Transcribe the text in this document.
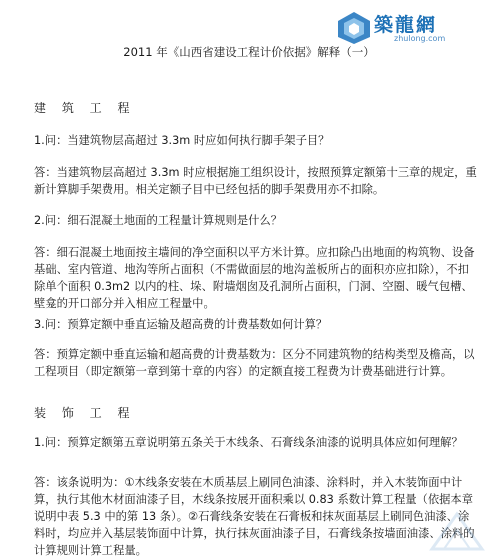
築龍網
zhulong.com
2011 年《山西省建设工程计价依据》解释（一）
建 筑 工 程
1.问：当建筑物层高超过 3.3m 时应如何执行脚手架子目？
答：当建筑物层高超过 3.3m 时应根据施工组织设计，按照预算定额第十三章的规定，重新计算脚手架费用。相关定额子目中已经包括的脚手架费用亦不扣除。
2.问：细石混凝土地面的工程量计算规则是什么？
答：细石混凝土地面按主墙间的净空面积以平方米计算。应扣除凸出地面的构筑物、设备基础、室内管道、地沟等所占面积（不需做面层的地沟盖板所占的面积亦应扣除），不扣除单个面积 0.3m2 以内的柱、垛、附墙烟囱及孔洞所占面积，门洞、空圈、暖气包槽、壁龛的开口部分并入相应工程量中。
3.问：预算定额中垂直运输及超高费的计费基数如何计算？
答：预算定额中垂直运输和超高费的计费基数为：区分不同建筑物的结构类型及檐高，以工程项目（即定额第一章到第十章的内容）的定额直接工程费为计费基础进行计算。
装 饰 工 程
1.问：预算定额第五章说明第五条关于木线条、石膏线条油漆的说明具体应如何理解？
答：该条说明为：①木线条安装在木质基层上刷同色油漆、涂料时，并入木装饰面中计算，执行其他木材面油漆子目，木线条按展开面积乘以 0.83 系数计算工程量（依据本章说明中表 5.3 中的第 13 条）。②石膏线条安装在石膏板和抹灰面基层上刷同色油漆、涂料时，均应并入基层装饰面中计算，执行抹灰面油漆子目，石膏线条按墙面油漆、涂料的计算规则计算工程量。
